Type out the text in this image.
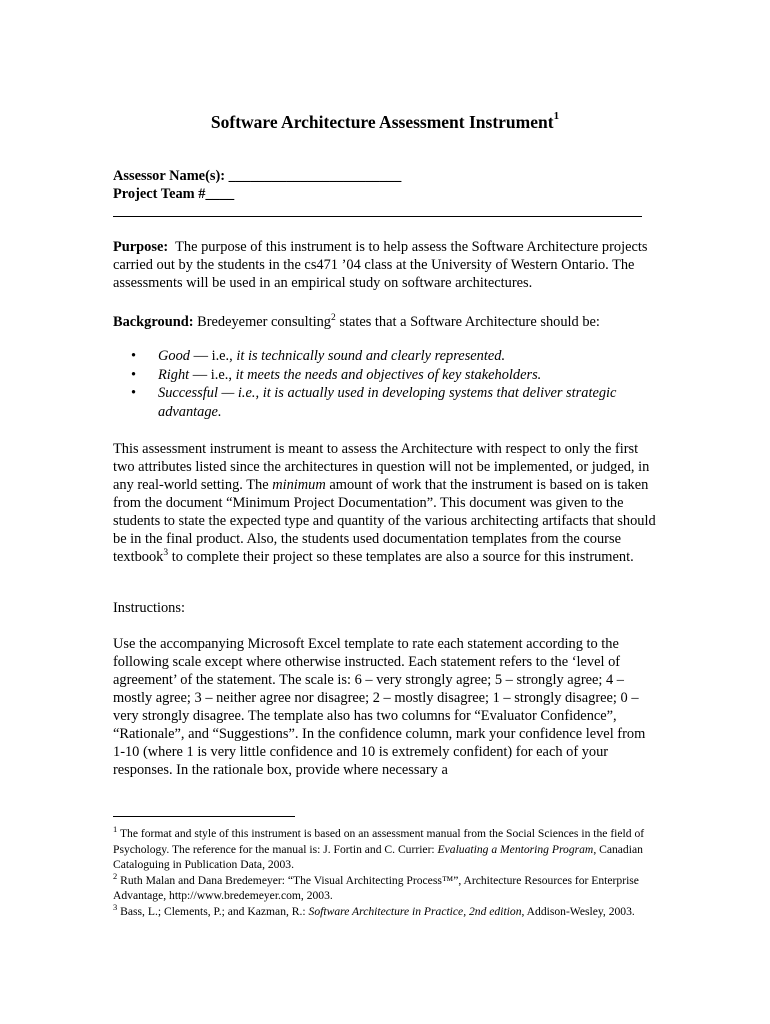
Software Architecture Assessment Instrument$^1$
Assessor Name(s): ________________________
Project Team #____

Purpose: The purpose of this instrument is to help assess the Software Architecture projects carried out by the students in the cs471 ’04 class at the University of Western Ontario. The assessments will be used in an empirical study on software architectures.

Background: Bredeyemer consulting$^2$ states that a Software Architecture should be:

•	Good — i.e., it is technically sound and clearly represented.
•	Right — i.e., it meets the needs and objectives of key stakeholders.
•	Successful — i.e., it is actually used in developing systems that deliver strategic advantage.

This assessment instrument is meant to assess the Architecture with respect to only the first two attributes listed since the architectures in question will not be implemented, or judged, in any real-world setting. The minimum amount of work that the instrument is based on is taken from the document “Minimum Project Documentation”. This document was given to the students to state the expected type and quantity of the various architecting artifacts that should be in the final product. Also, the students used documentation templates from the course textbook$^3$ to complete their project so these templates are also a source for this instrument.

Instructions:

Use the accompanying Microsoft Excel template to rate each statement according to the following scale except where otherwise instructed. Each statement refers to the ‘level of agreement’ of the statement. The scale is: 6 – very strongly agree; 5 – strongly agree; 4 – mostly agree; 3 – neither agree nor disagree; 2 – mostly disagree; 1 – strongly disagree; 0 – very strongly disagree. The template also has two columns for “Evaluator Confidence”, “Rationale”, and “Suggestions”. In the confidence column, mark your confidence level from 1-10 (where 1 is very little confidence and 10 is extremely confident) for each of your responses. In the rationale box, provide where necessary a

$^1$ The format and style of this instrument is based on an assessment manual from the Social Sciences in the field of Psychology. The reference for the manual is: J. Fortin and C. Currier: Evaluating a Mentoring Program, Canadian Cataloguing in Publication Data, 2003.

$^2$ Ruth Malan and Dana Bredemeyer: “The Visual Architecting Process™”, Architecture Resources for Enterprise Advantage, http://www.bredemeyer.com, 2003.

$^3$ Bass, L.; Clements, P.; and Kazman, R.: Software Architecture in Practice, 2nd edition, Addison-Wesley, 2003.
